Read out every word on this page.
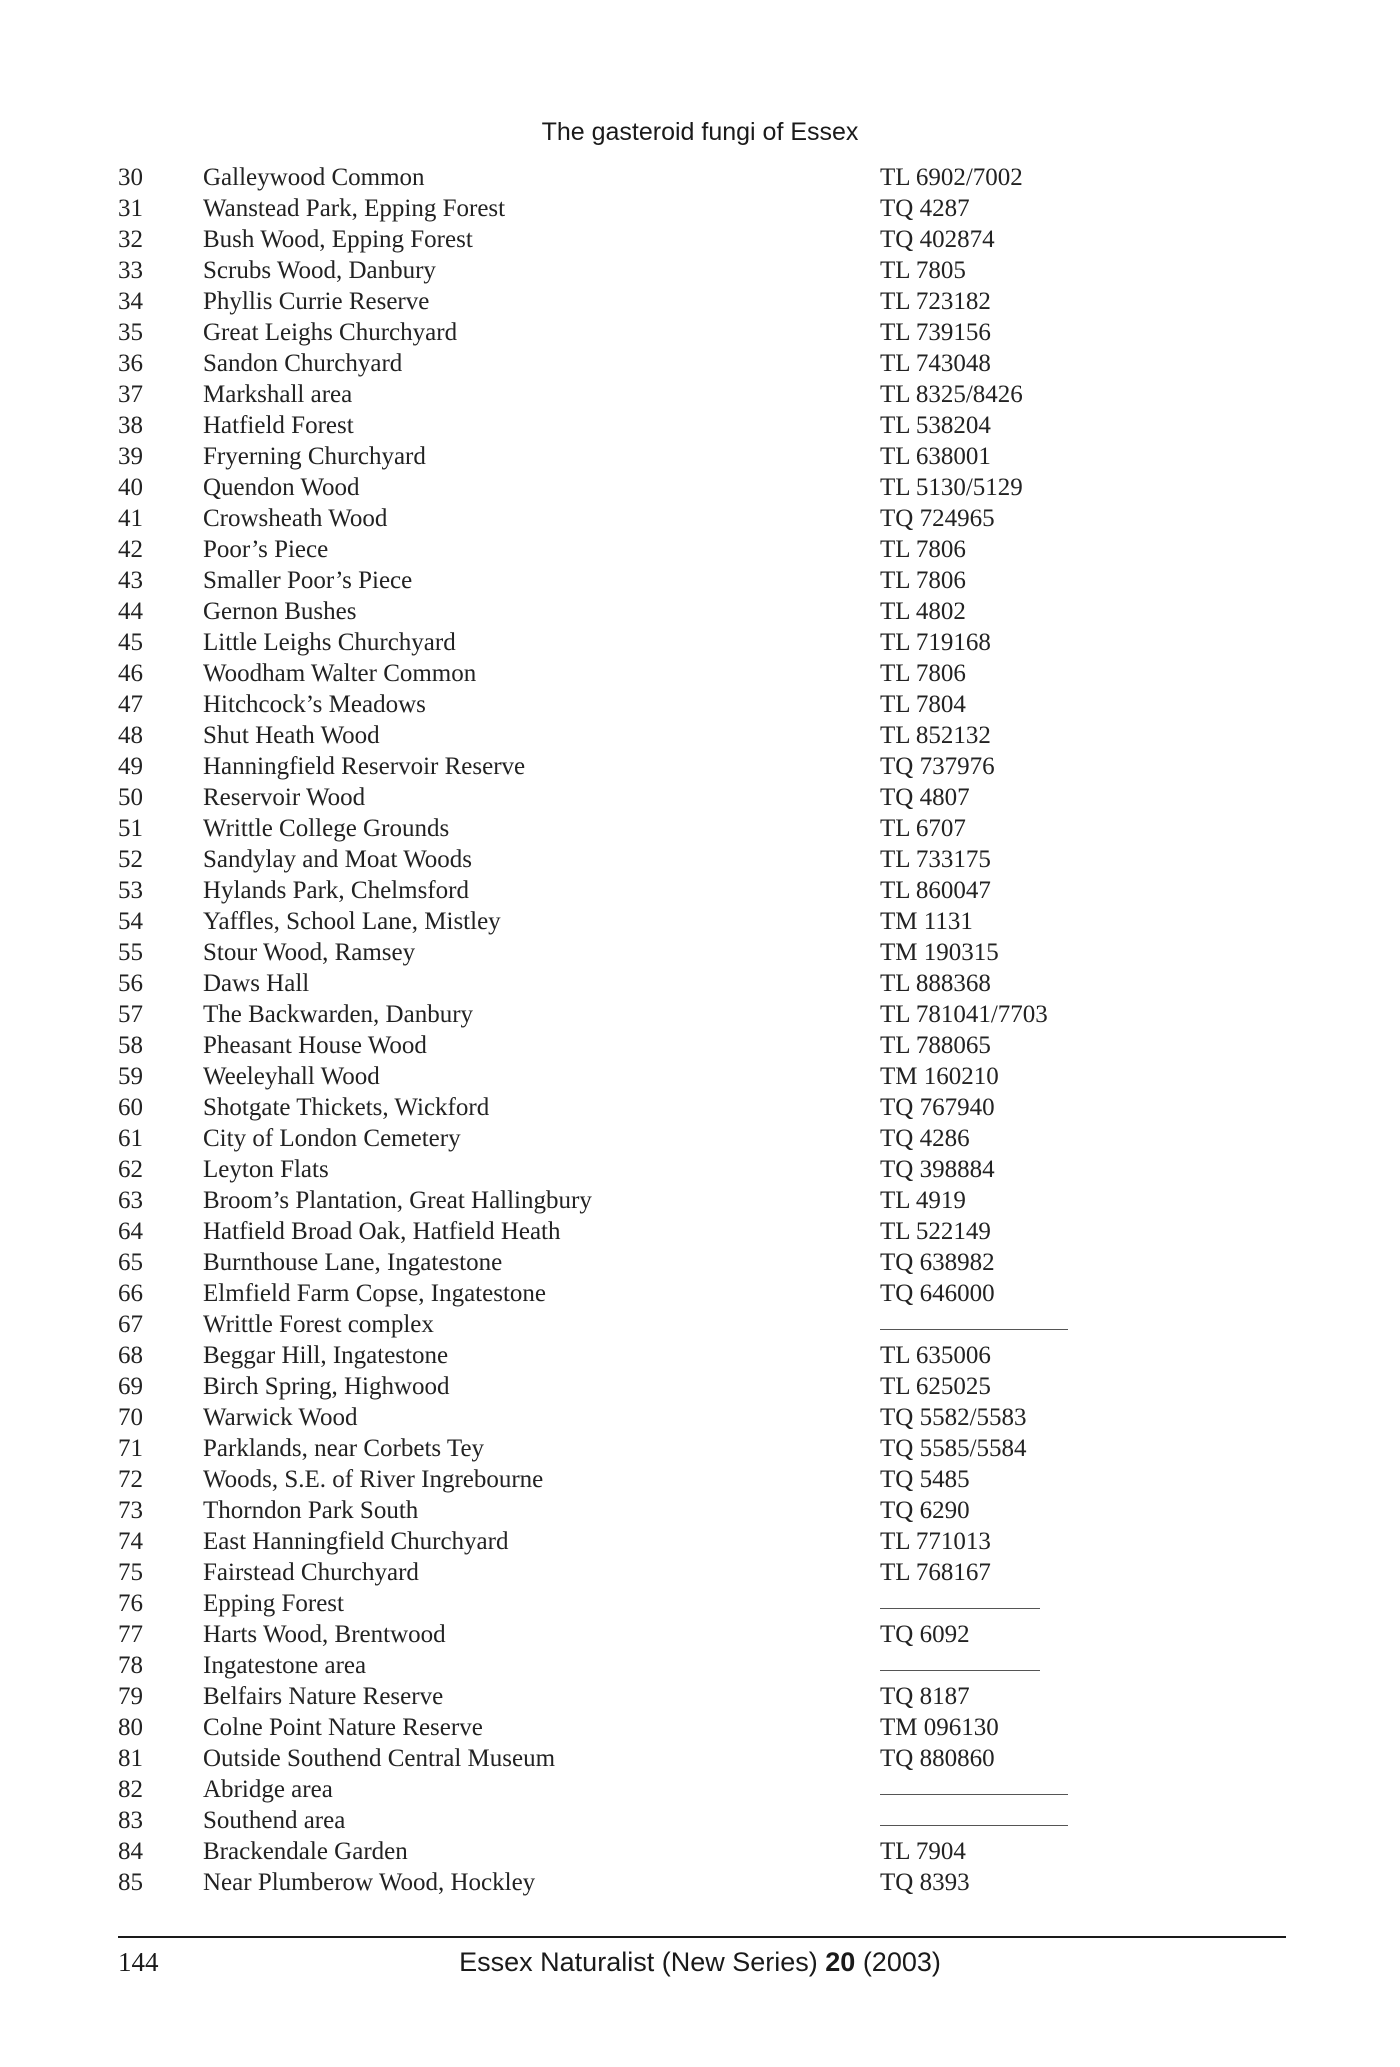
The gasteroid fungi of Essex
30	Galleywood Common	TL 6902/7002
31	Wanstead Park, Epping Forest	TQ 4287
32	Bush Wood, Epping Forest	TQ 402874
33	Scrubs Wood, Danbury	TL 7805
34	Phyllis Currie Reserve	TL 723182
35	Great Leighs Churchyard	TL 739156
36	Sandon Churchyard	TL 743048
37	Markshall area	TL 8325/8426
38	Hatfield Forest	TL 538204
39	Fryerning Churchyard	TL 638001
40	Quendon Wood	TL 5130/5129
41	Crowsheath Wood	TQ 724965
42	Poor’s Piece	TL 7806
43	Smaller Poor’s Piece	TL 7806
44	Gernon Bushes	TL 4802
45	Little Leighs Churchyard	TL 719168
46	Woodham Walter Common	TL 7806
47	Hitchcock’s Meadows	TL 7804
48	Shut Heath Wood	TL 852132
49	Hanningfield Reservoir Reserve	TQ 737976
50	Reservoir Wood	TQ 4807
51	Writtle College Grounds	TL 6707
52	Sandylay and Moat Woods	TL 733175
53	Hylands Park, Chelmsford	TL 860047
54	Yaffles, School Lane, Mistley	TM 1131
55	Stour Wood, Ramsey	TM 190315
56	Daws Hall	TL 888368
57	The Backwarden, Danbury	TL 781041/7703
58	Pheasant House Wood	TL 788065
59	Weeleyhall Wood	TM 160210
60	Shotgate Thickets, Wickford	TQ 767940
61	City of London Cemetery	TQ 4286
62	Leyton Flats	TQ 398884
63	Broom’s Plantation, Great Hallingbury	TL 4919
64	Hatfield Broad Oak, Hatfield Heath	TL 522149
65	Burnthouse Lane, Ingatestone	TQ 638982
66	Elmfield Farm Copse, Ingatestone	TQ 646000
67	Writtle Forest complex
68	Beggar Hill, Ingatestone	TL 635006
69	Birch Spring, Highwood	TL 625025
70	Warwick Wood	TQ 5582/5583
71	Parklands, near Corbets Tey	TQ 5585/5584
72	Woods, S.E. of River Ingrebourne	TQ 5485
73	Thorndon Park South	TQ 6290
74	East Hanningfield Churchyard	TL 771013
75	Fairstead Churchyard	TL 768167
76	Epping Forest
77	Harts Wood, Brentwood	TQ 6092
78	Ingatestone area
79	Belfairs Nature Reserve	TQ 8187
80	Colne Point Nature Reserve	TM 096130
81	Outside Southend Central Museum	TQ 880860
82	Abridge area
83	Southend area
84	Brackendale Garden	TL 7904
85	Near Plumberow Wood, Hockley	TQ 8393
144	Essex Naturalist (New Series) 20 (2003)
